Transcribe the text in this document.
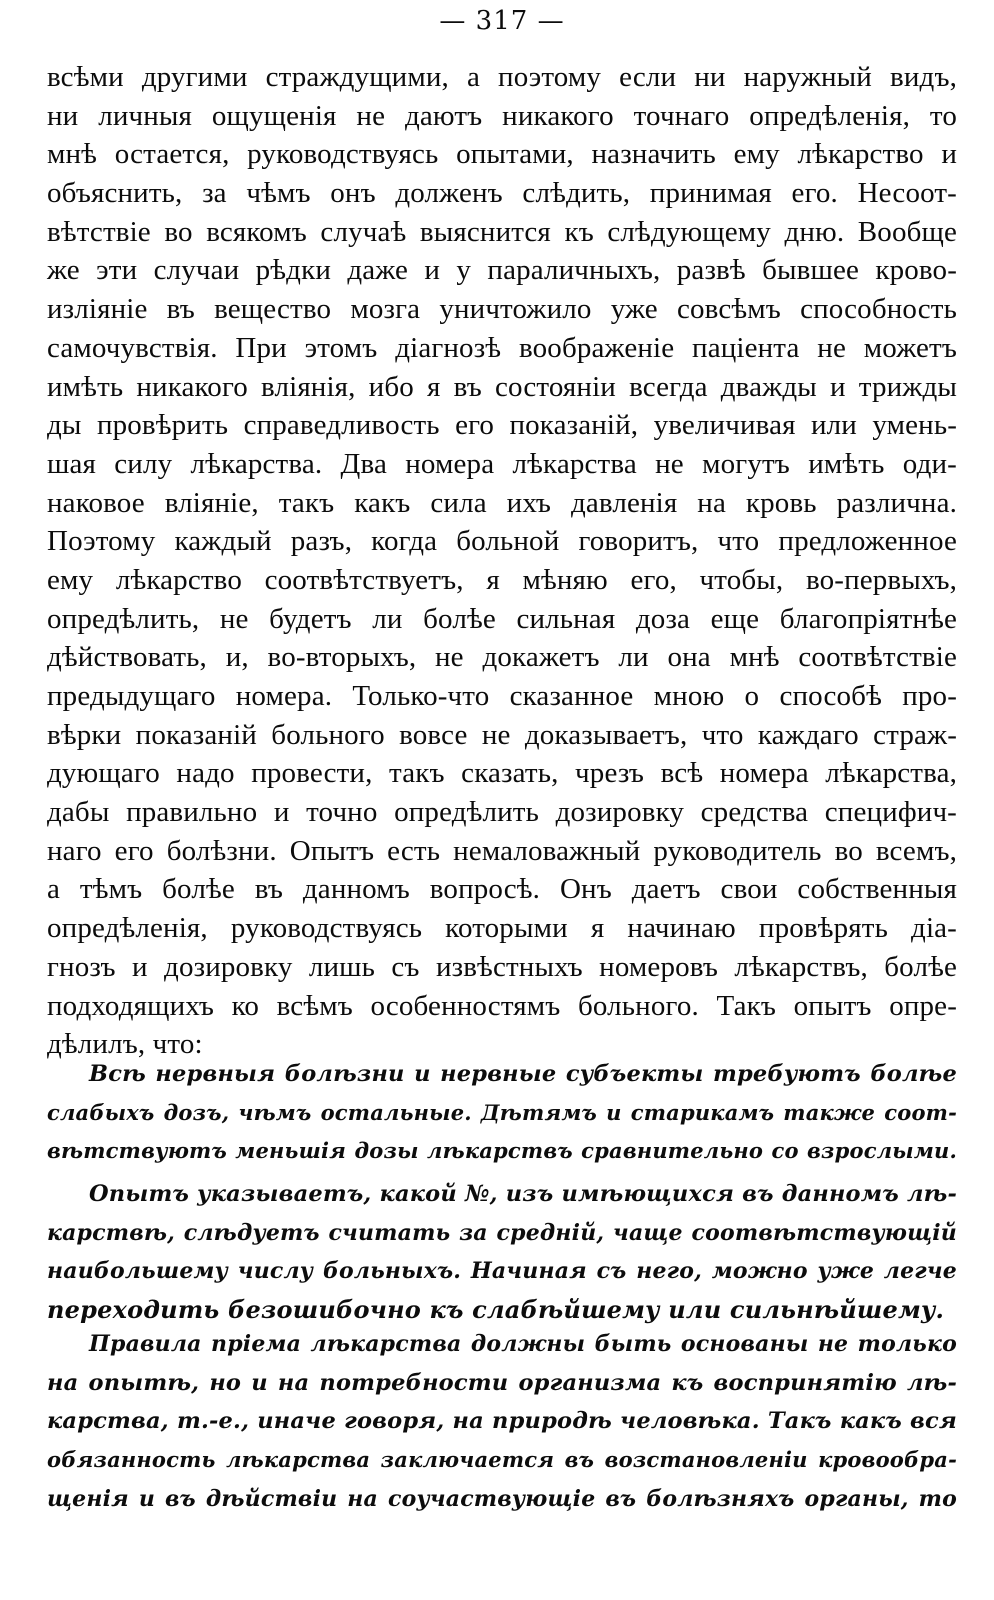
— 317 —
всѣми другими страждущими, а поэтому если ни наружный видъ,
ни личныя ощущенія не даютъ никакого точнаго опредѣленія, то
мнѣ остается, руководствуясь опытами, назначить ему лѣкарство и
объяснить, за чѣмъ онъ долженъ слѣдить, принимая его. Несоот-
вѣтствіе во всякомъ случаѣ выяснится къ слѣдующему дню. Вообще
же эти случаи рѣдки даже и у параличныхъ, развѣ бывшее крово-
изліяніе въ вещество мозга уничтожило уже совсѣмъ способность
самочувствія. При этомъ діагнозѣ воображеніе паціента не можетъ
имѣть никакого вліянія, ибо я въ состояніи всегда дважды и трижды
ды провѣрить справедливость его показаній, увеличивая или умень-
шая силу лѣкарства. Два номера лѣкарства не могутъ имѣть оди-
наковое вліяніе, такъ какъ сила ихъ давленія на кровь различна.
Поэтому каждый разъ, когда больной говоритъ, что предложенное
ему лѣкарство соотвѣтствуетъ, я мѣняю его, чтобы, во-первыхъ,
опредѣлить, не будетъ ли болѣе сильная доза еще благопріятнѣе
дѣйствовать, и, во-вторыхъ, не докажетъ ли она мнѣ соотвѣтствіе
предыдущаго номера. Только-что сказанное мною о способѣ про-
вѣрки показаній больного вовсе не доказываетъ, что каждаго страж-
дующаго надо провести, такъ сказать, чрезъ всѣ номера лѣкарства,
дабы правильно и точно опредѣлить дозировку средства специфич-
наго его болѣзни. Опытъ есть немаловажный руководитель во всемъ,
а тѣмъ болѣе въ данномъ вопросѣ. Онъ даетъ свои собственныя
опредѣленія, руководствуясь которыми я начинаю провѣрять діа-
гнозъ и дозировку лишь съ извѣстныхъ номеровъ лѣкарствъ, болѣе
подходящихъ ко всѣмъ особенностямъ больного. Такъ опытъ опре-
дѣлилъ, что:
Всѣ нервныя болѣзни и нервные субъекты требуютъ болѣе
слабыхъ дозъ, чѣмъ остальные. Дѣтямъ и старикамъ также соот-
вѣтствуютъ меньшія дозы лѣкарствъ сравнительно со взрослыми.
Опытъ указываетъ, какой №, изъ имѣющихся въ данномъ лѣ-
карствѣ, слѣдуетъ считать за средній, чаще соотвѣтствующій
наибольшему числу больныхъ. Начиная съ него, можно уже легче
переходить безошибочно къ слабѣйшему или сильнѣйшему.
Правила пріема лѣкарства должны быть основаны не только
на опытѣ, но и на потребности организма къ воспринятію лѣ-
карства, т.-е., иначе говоря, на природѣ человѣка. Такъ какъ вся
обязанность лѣкарства заключается въ возстановленіи кровообра-
щенія и въ дѣйствіи на соучаствующіе въ болѣзняхъ органы, то
